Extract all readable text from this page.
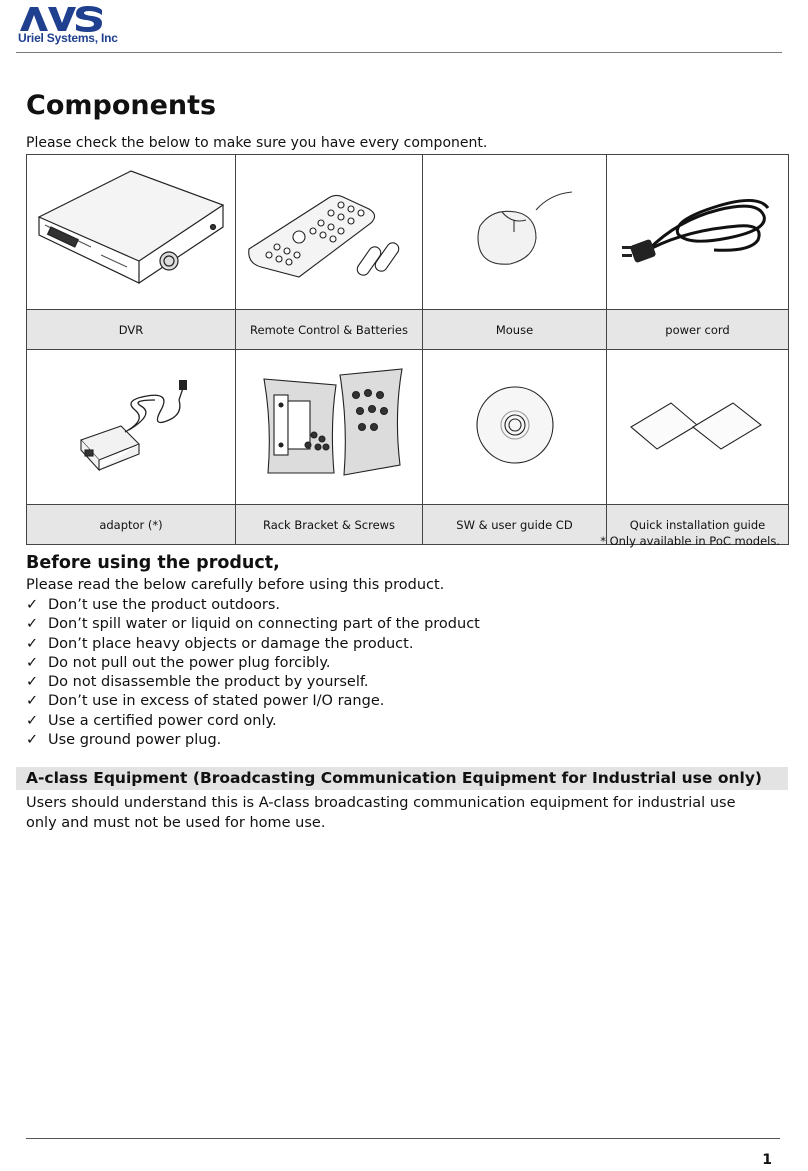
Uriel Systems, Inc
Components
Please check the below to make sure you have every component.

DVR	Remote Control & Batteries	Mouse	power cord

adaptor (*)	Rack Bracket & Screws	SW & user guide CD	Quick installation guide
* Only available in PoC models.
Before using the product,
Please read the below carefully before using this product.
✓ Don’t use the product outdoors.
✓ Don’t spill water or liquid on connecting part of the product
✓ Don’t place heavy objects or damage the product.
✓ Do not pull out the power plug forcibly.
✓ Do not disassemble the product by yourself.
✓ Don’t use in excess of stated power I/O range.
✓ Use a certified power cord only.
✓ Use ground power plug.
A-class Equipment (Broadcasting Communication Equipment for Industrial use only)

Users should understand this is A-class broadcasting communication equipment for industrial use only and must not be used for home use.

1
